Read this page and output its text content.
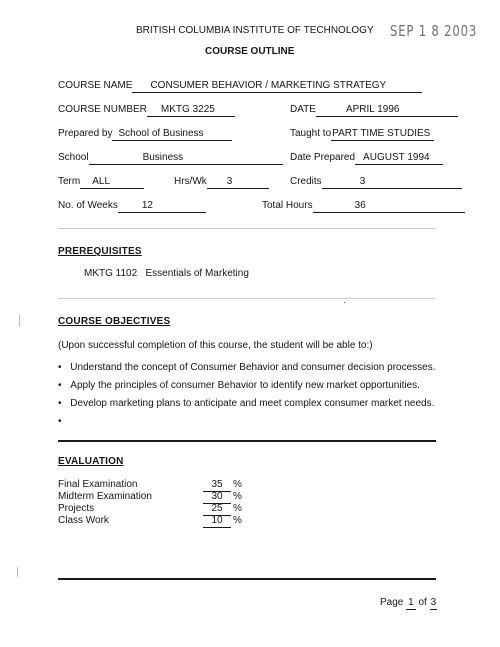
BRITISH COLUMBIA INSTITUTE OF TECHNOLOGY SEP 1 8 2003
COURSE OUTLINE
COURSE NAME CONSUMER BEHAVIOR / MARKETING STRATEGY
COURSE NUMBER MKTG 3225	DATE	APRIL 1996
Prepared by School of Business	Taught toPART TIME STUDIES
School	Business	Date Prepared AUGUST 1994
Term ALL	Hrs/Wk 3	Credits	3
No. of Weeks 12	Total Hours	36
PREREQUISITES
MKTG 1102   Essentials of Marketing
COURSE OBJECTIVES
(Upon successful completion of this course, the student will be able to:)
• Understand the concept of Consumer Behavior and consumer decision processes.
• Apply the principles of consumer Behavior to identify new market opportunities.
• Develop marketing plans to anticipate and meet complex consumer market needs.
•
EVALUATION
Final Examination	35 %
Midterm Examination	30 %
Projects	25 %
Class Work	10 %
Page 1 of 3
